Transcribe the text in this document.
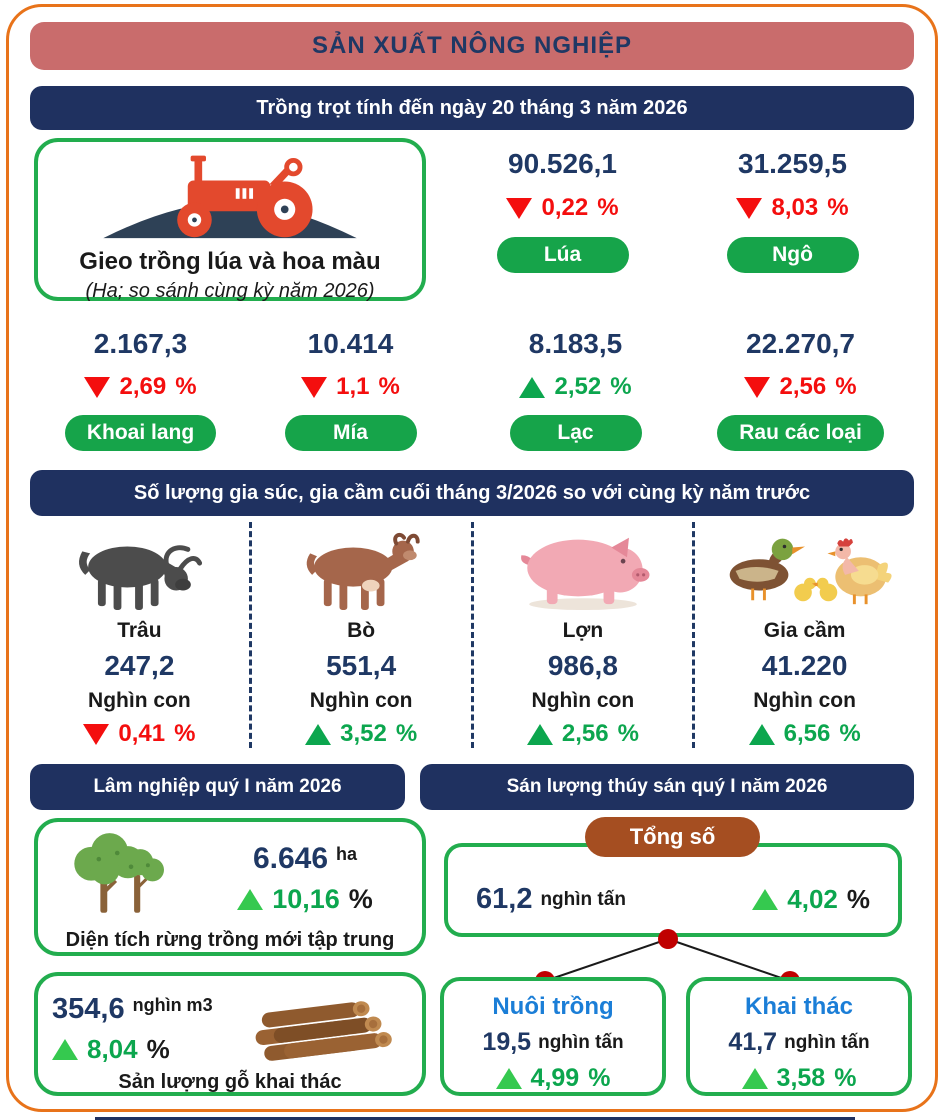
SẢN XUẤT NÔNG NGHIỆP
Trồng trọt tính đến ngày 20 tháng 3 năm 2026
Gieo trồng lúa và hoa màu
(Ha; so sánh cùng kỳ năm 2026)
90.526,1
0,22 %
Lúa
31.259,5
8,03 %
Ngô
2.167,3
2,69 %
Khoai lang
10.414
1,1 %
Mía
8.183,5
2,52 %
Lạc
22.270,7
2,56 %
Rau các loại
Số lượng gia súc, gia cầm cuối tháng 3/2026 so với cùng kỳ năm trước
Trâu
247,2
Nghìn con
0,41 %
Bò
551,4
Nghìn con
3,52 %
Lợn
986,8
Nghìn con
2,56 %
Gia cầm
41.220
Nghìn con
6,56 %
Lâm nghiệp quý I năm 2026	Sán lượng thúy sán quý I năm 2026
6.646 ha
10,16 %
Diện tích rừng trồng mới tập trung
354,6 nghìn m3
8,04 %
Sản lượng gỗ khai thác
61,2 nghìn tấn	4,02 %
Tổng số
Nuôi trồng
19,5 nghìn tấn
4,99 %
Khai thác
41,7 nghìn tấn
3,58 %
